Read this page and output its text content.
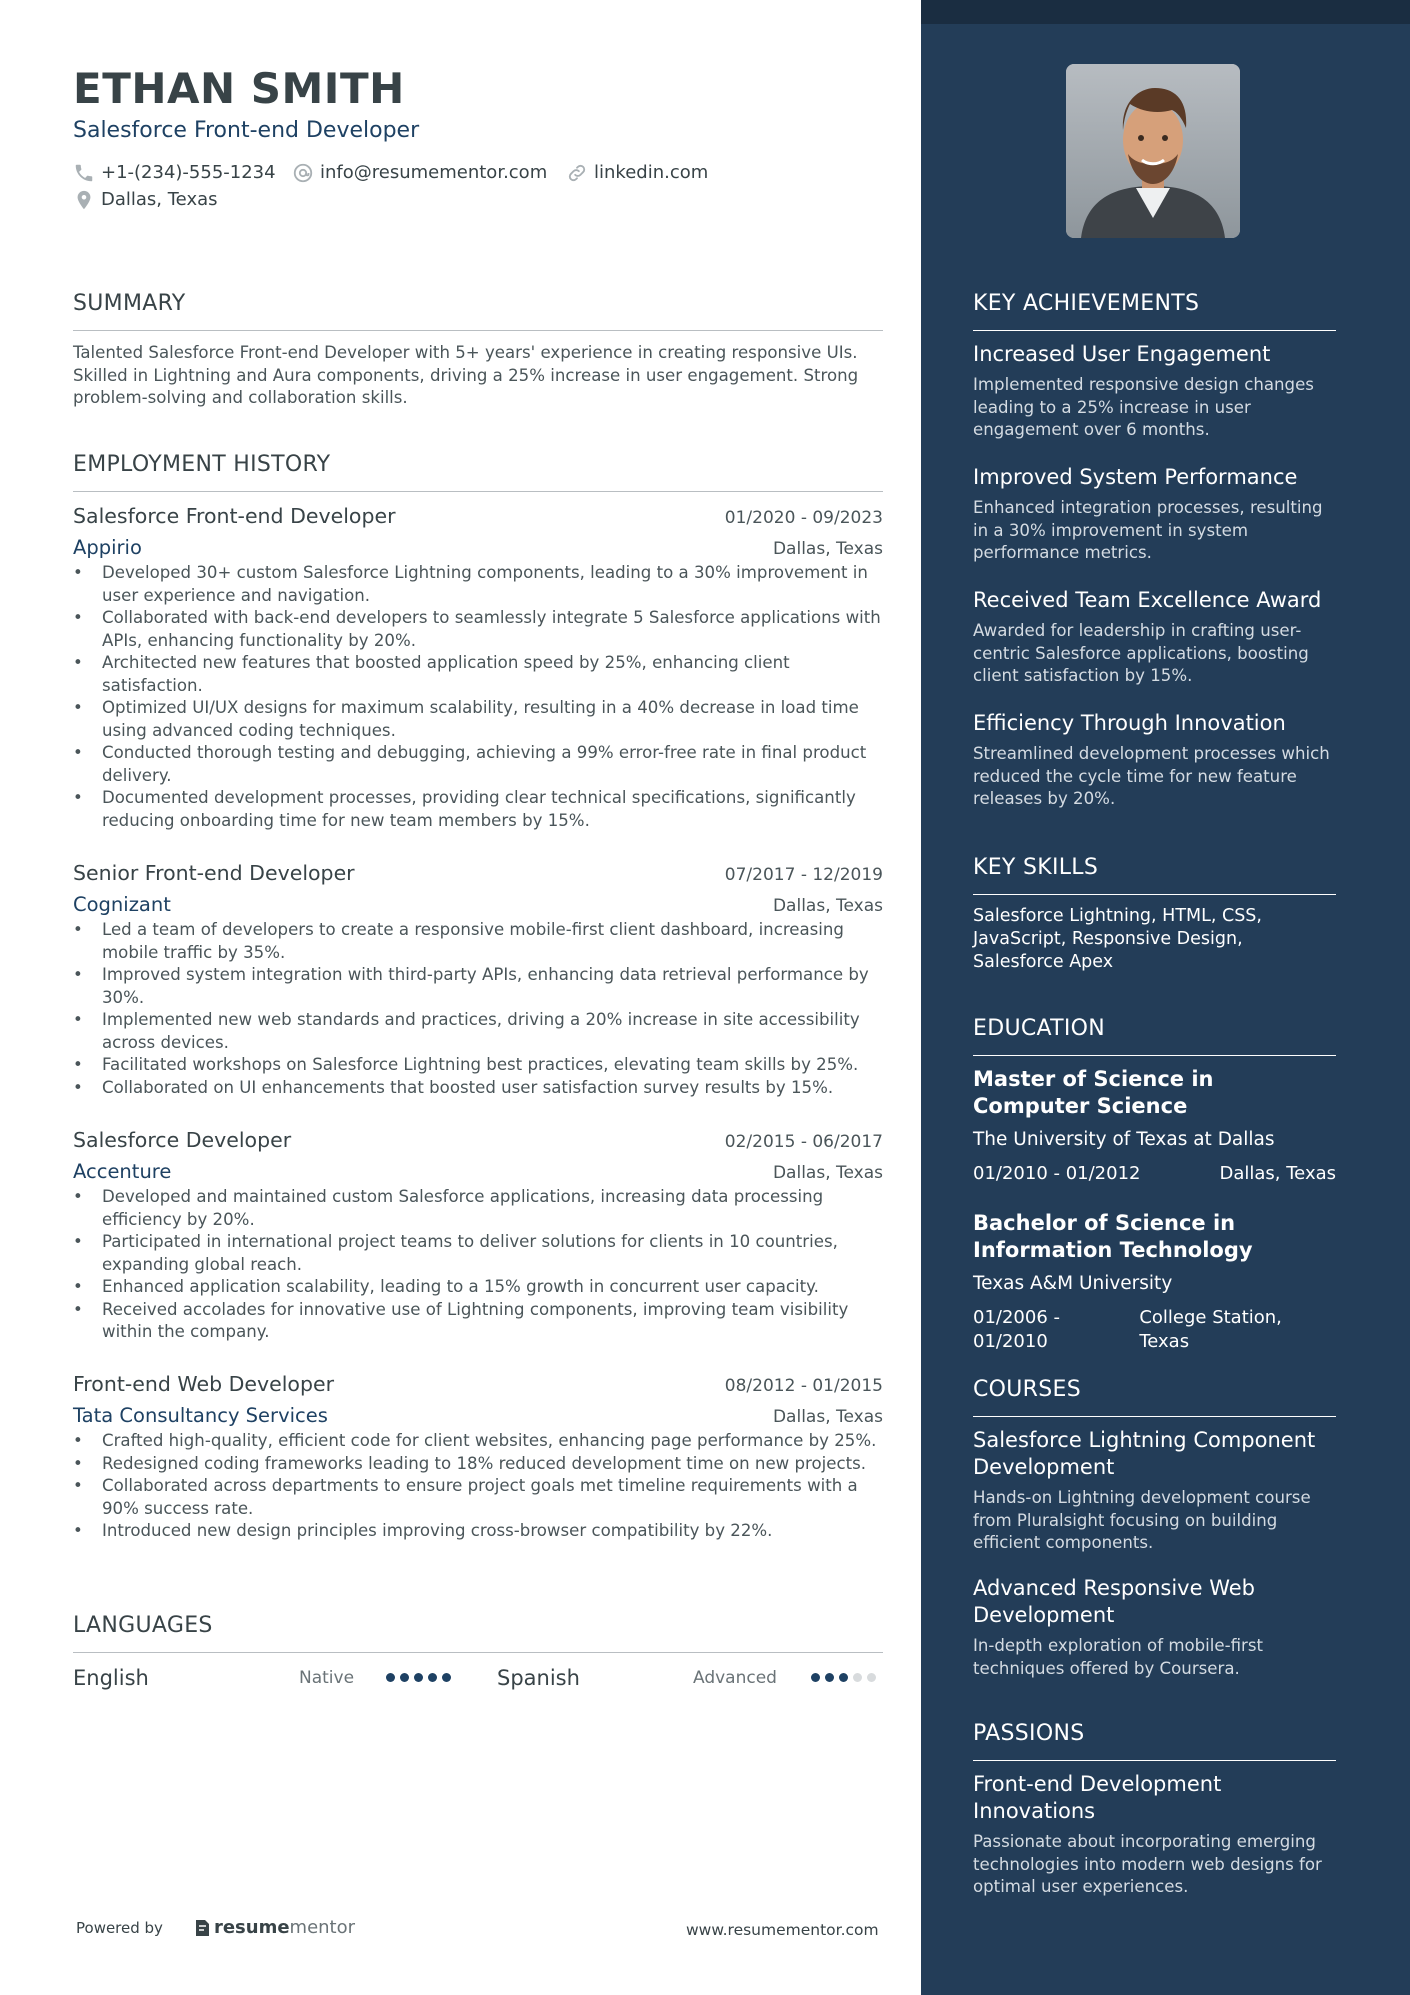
ETHAN SMITH
Salesforce Front-end Developer
+1-(234)-555-1234 info@resumementor.com	linkedin.com
Dallas, Texas
SUMMARY
Talented Salesforce Front-end Developer with 5+ years' experience in creating responsive UIs. Skilled in Lightning and Aura components, driving a 25% increase in user engagement. Strong problem-solving and collaboration skills.
EMPLOYMENT HISTORY
Salesforce Front-end Developer	01/2020 - 09/2023
Appirio	Dallas, Texas
• Developed 30+ custom Salesforce Lightning components, leading to a 30% improvement in user experience and navigation.
• Collaborated with back-end developers to seamlessly integrate 5 Salesforce applications with APIs, enhancing functionality by 20%.
• Architected new features that boosted application speed by 25%, enhancing client satisfaction.
• Optimized UI/UX designs for maximum scalability, resulting in a 40% decrease in load time using advanced coding techniques.
• Conducted thorough testing and debugging, achieving a 99% error-free rate in final product delivery.
• Documented development processes, providing clear technical specifications, significantly reducing onboarding time for new team members by 15%.
Senior Front-end Developer	07/2017 - 12/2019
Cognizant	Dallas, Texas
• Led a team of developers to create a responsive mobile-first client dashboard, increasing mobile traffic by 35%.
• Improved system integration with third-party APIs, enhancing data retrieval performance by 30%.
• Implemented new web standards and practices, driving a 20% increase in site accessibility across devices.
• Facilitated workshops on Salesforce Lightning best practices, elevating team skills by 25%.
• Collaborated on UI enhancements that boosted user satisfaction survey results by 15%.
Salesforce Developer	02/2015 - 06/2017
Accenture	Dallas, Texas
• Developed and maintained custom Salesforce applications, increasing data processing efficiency by 20%.
• Participated in international project teams to deliver solutions for clients in 10 countries, expanding global reach.
• Enhanced application scalability, leading to a 15% growth in concurrent user capacity.
• Received accolades for innovative use of Lightning components, improving team visibility within the company.
Front-end Web Developer	08/2012 - 01/2015
Tata Consultancy Services	Dallas, Texas
• Crafted high-quality, efficient code for client websites, enhancing page performance by 25%.
• Redesigned coding frameworks leading to 18% reduced development time on new projects.
• Collaborated across departments to ensure project goals met timeline requirements with a 90% success rate.
• Introduced new design principles improving cross-browser compatibility by 22%.
LANGUAGES
English	Native	Spanish	Advanced
Powered by	resume mentor	www.resumementor.com
KEY ACHIEVEMENTS
Increased User Engagement
Implemented responsive design changes leading to a 25% increase in user engagement over 6 months.
Improved System Performance
Enhanced integration processes, resulting in a 30% improvement in system performance metrics.
Received Team Excellence Award
Awarded for leadership in crafting user-centric Salesforce applications, boosting client satisfaction by 15%.
Efficiency Through Innovation
Streamlined development processes which reduced the cycle time for new feature releases by 20%.
KEY SKILLS
Salesforce Lightning, HTML, CSS, JavaScript, Responsive Design, Salesforce Apex
EDUCATION
Master of Science in Computer Science
The University of Texas at Dallas
01/2010 - 01/2012	Dallas, Texas
Bachelor of Science in Information Technology
Texas A&M University
01/2006 - 01/2010
College Station, Texas
COURSES
Salesforce Lightning Component Development
Hands-on Lightning development course from Pluralsight focusing on building efficient components.
Advanced Responsive Web Development
In-depth exploration of mobile-first techniques offered by Coursera.
PASSIONS
Front-end Development Innovations
Passionate about incorporating emerging technologies into modern web designs for optimal user experiences.
